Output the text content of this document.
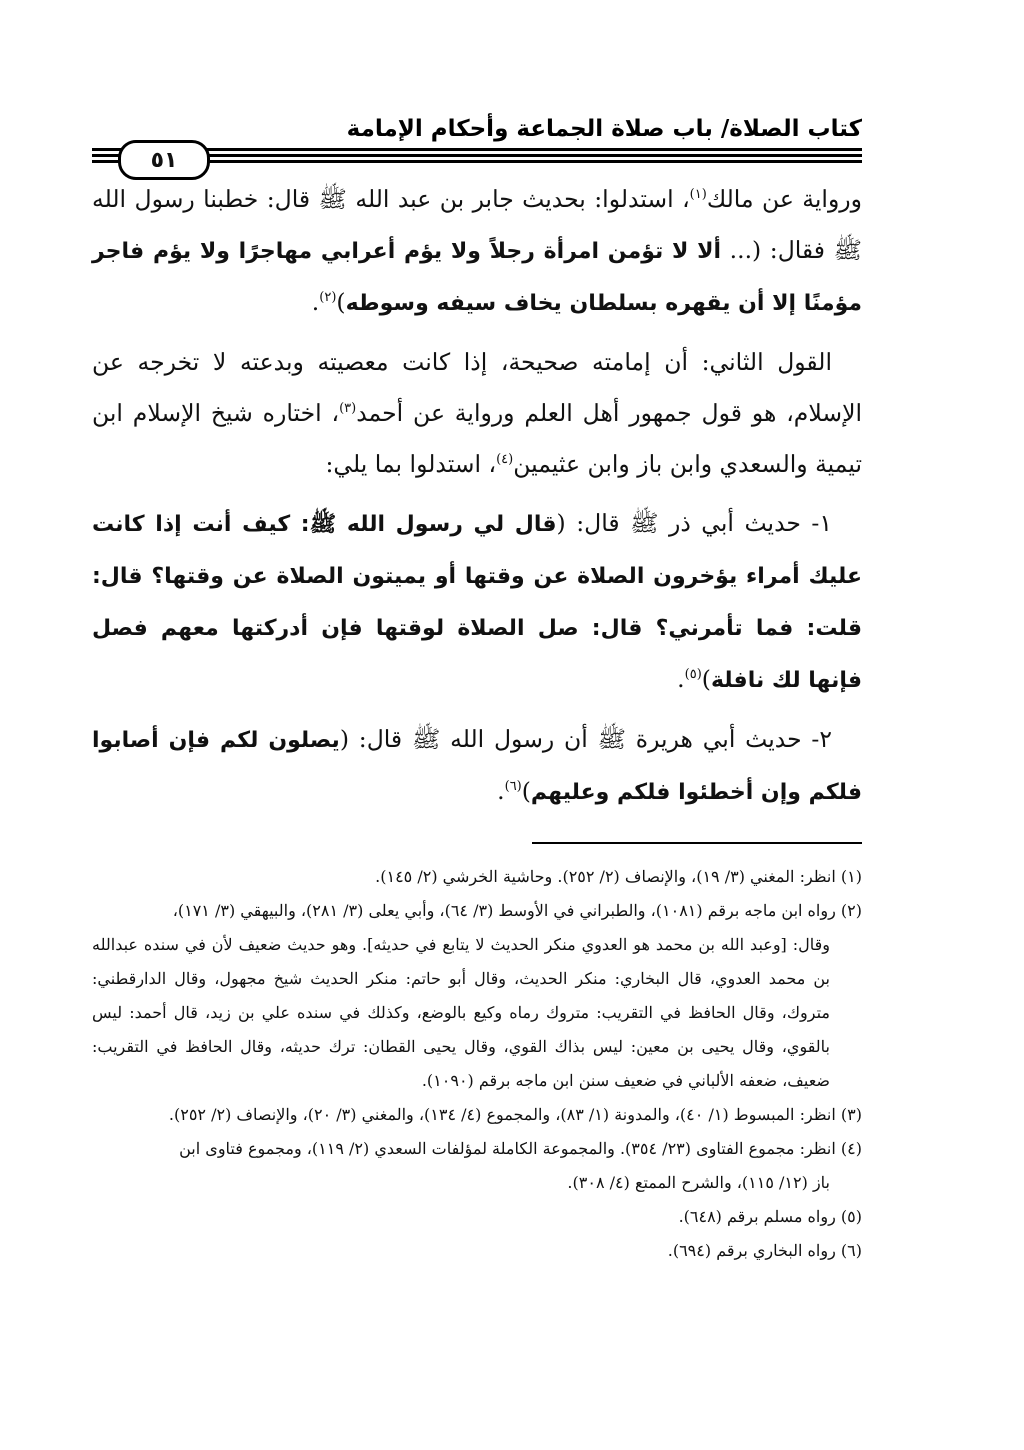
كتاب الصلاة/ باب صلاة الجماعة وأحكام الإمامة
٥١

ورواية عن مالك$^{(١)}$، استدلوا: بحديث جابر بن عبد الله ﷺ قال: خطبنا رسول الله ﷺ فقال: (... ألا لا تؤمن امرأة رجلاً ولا يؤم أعرابي مهاجرًا ولا يؤم فاجر مؤمنًا إلا أن يقهره بسلطان يخاف سيفه وسوطه)$^{(٢)}$.

القول الثاني: أن إمامته صحيحة، إذا كانت معصيته وبدعته لا تخرجه عن الإسلام، هو قول جمهور أهل العلم ورواية عن أحمد$^{(٣)}$، اختاره شيخ الإسلام ابن تيمية والسعدي وابن باز وابن عثيمين$^{(٤)}$، استدلوا بما يلي:

١- حديث أبي ذر ﷺ قال: (قال لي رسول الله ﷺ: كيف أنت إذا كانت عليك أمراء يؤخرون الصلاة عن وقتها أو يميتون الصلاة عن وقتها؟ قال: قلت: فما تأمرني؟ قال: صل الصلاة لوقتها فإن أدركتها معهم فصل فإنها لك نافلة)$^{(٥)}$.

٢- حديث أبي هريرة ﷺ أن رسول الله ﷺ قال: (يصلون لكم فإن أصابوا فلكم وإن أخطئوا فلكم وعليهم)$^{(٦)}$.

(١) انظر: المغني (٣/ ١٩)، والإنصاف (٢/ ٢٥٢). وحاشية الخرشي (٢/ ١٤٥).

(٢) رواه ابن ماجه برقم (١٠٨١)، والطبراني في الأوسط (٣/ ٦٤)، وأبي يعلى (٣/ ٢٨١)، والبيهقي (٣/ ١٧١)،
وقال: [وعبد الله بن محمد هو العدوي منكر الحديث لا يتابع في حديثه]. وهو حديث ضعيف لأن في سنده عبدالله بن محمد العدوي، قال البخاري: منكر الحديث، وقال أبو حاتم: منكر الحديث شيخ مجهول، وقال الدارقطني: متروك، وقال الحافظ في التقريب: متروك رماه وكيع بالوضع، وكذلك في سنده علي بن زيد، قال أحمد: ليس بالقوي، وقال يحيى بن معين: ليس بذاك القوي، وقال يحيى القطان: ترك حديثه، وقال الحافظ في التقريب: ضعيف، ضعفه الألباني في ضعيف سنن ابن ماجه برقم (١٠٩٠).

(٣) انظر: المبسوط (١/ ٤٠)، والمدونة (١/ ٨٣)، والمجموع (٤/ ١٣٤)، والمغني (٣/ ٢٠)، والإنصاف (٢/ ٢٥٢).

(٤) انظر: مجموع الفتاوى (٢٣/ ٣٥٤). والمجموعة الكاملة لمؤلفات السعدي (٢/ ١١٩)، ومجموع فتاوى ابن
باز (١٢/ ١١٥)، والشرح الممتع (٤/ ٣٠٨).

(٥) رواه مسلم برقم (٦٤٨).

(٦) رواه البخاري برقم (٦٩٤).
